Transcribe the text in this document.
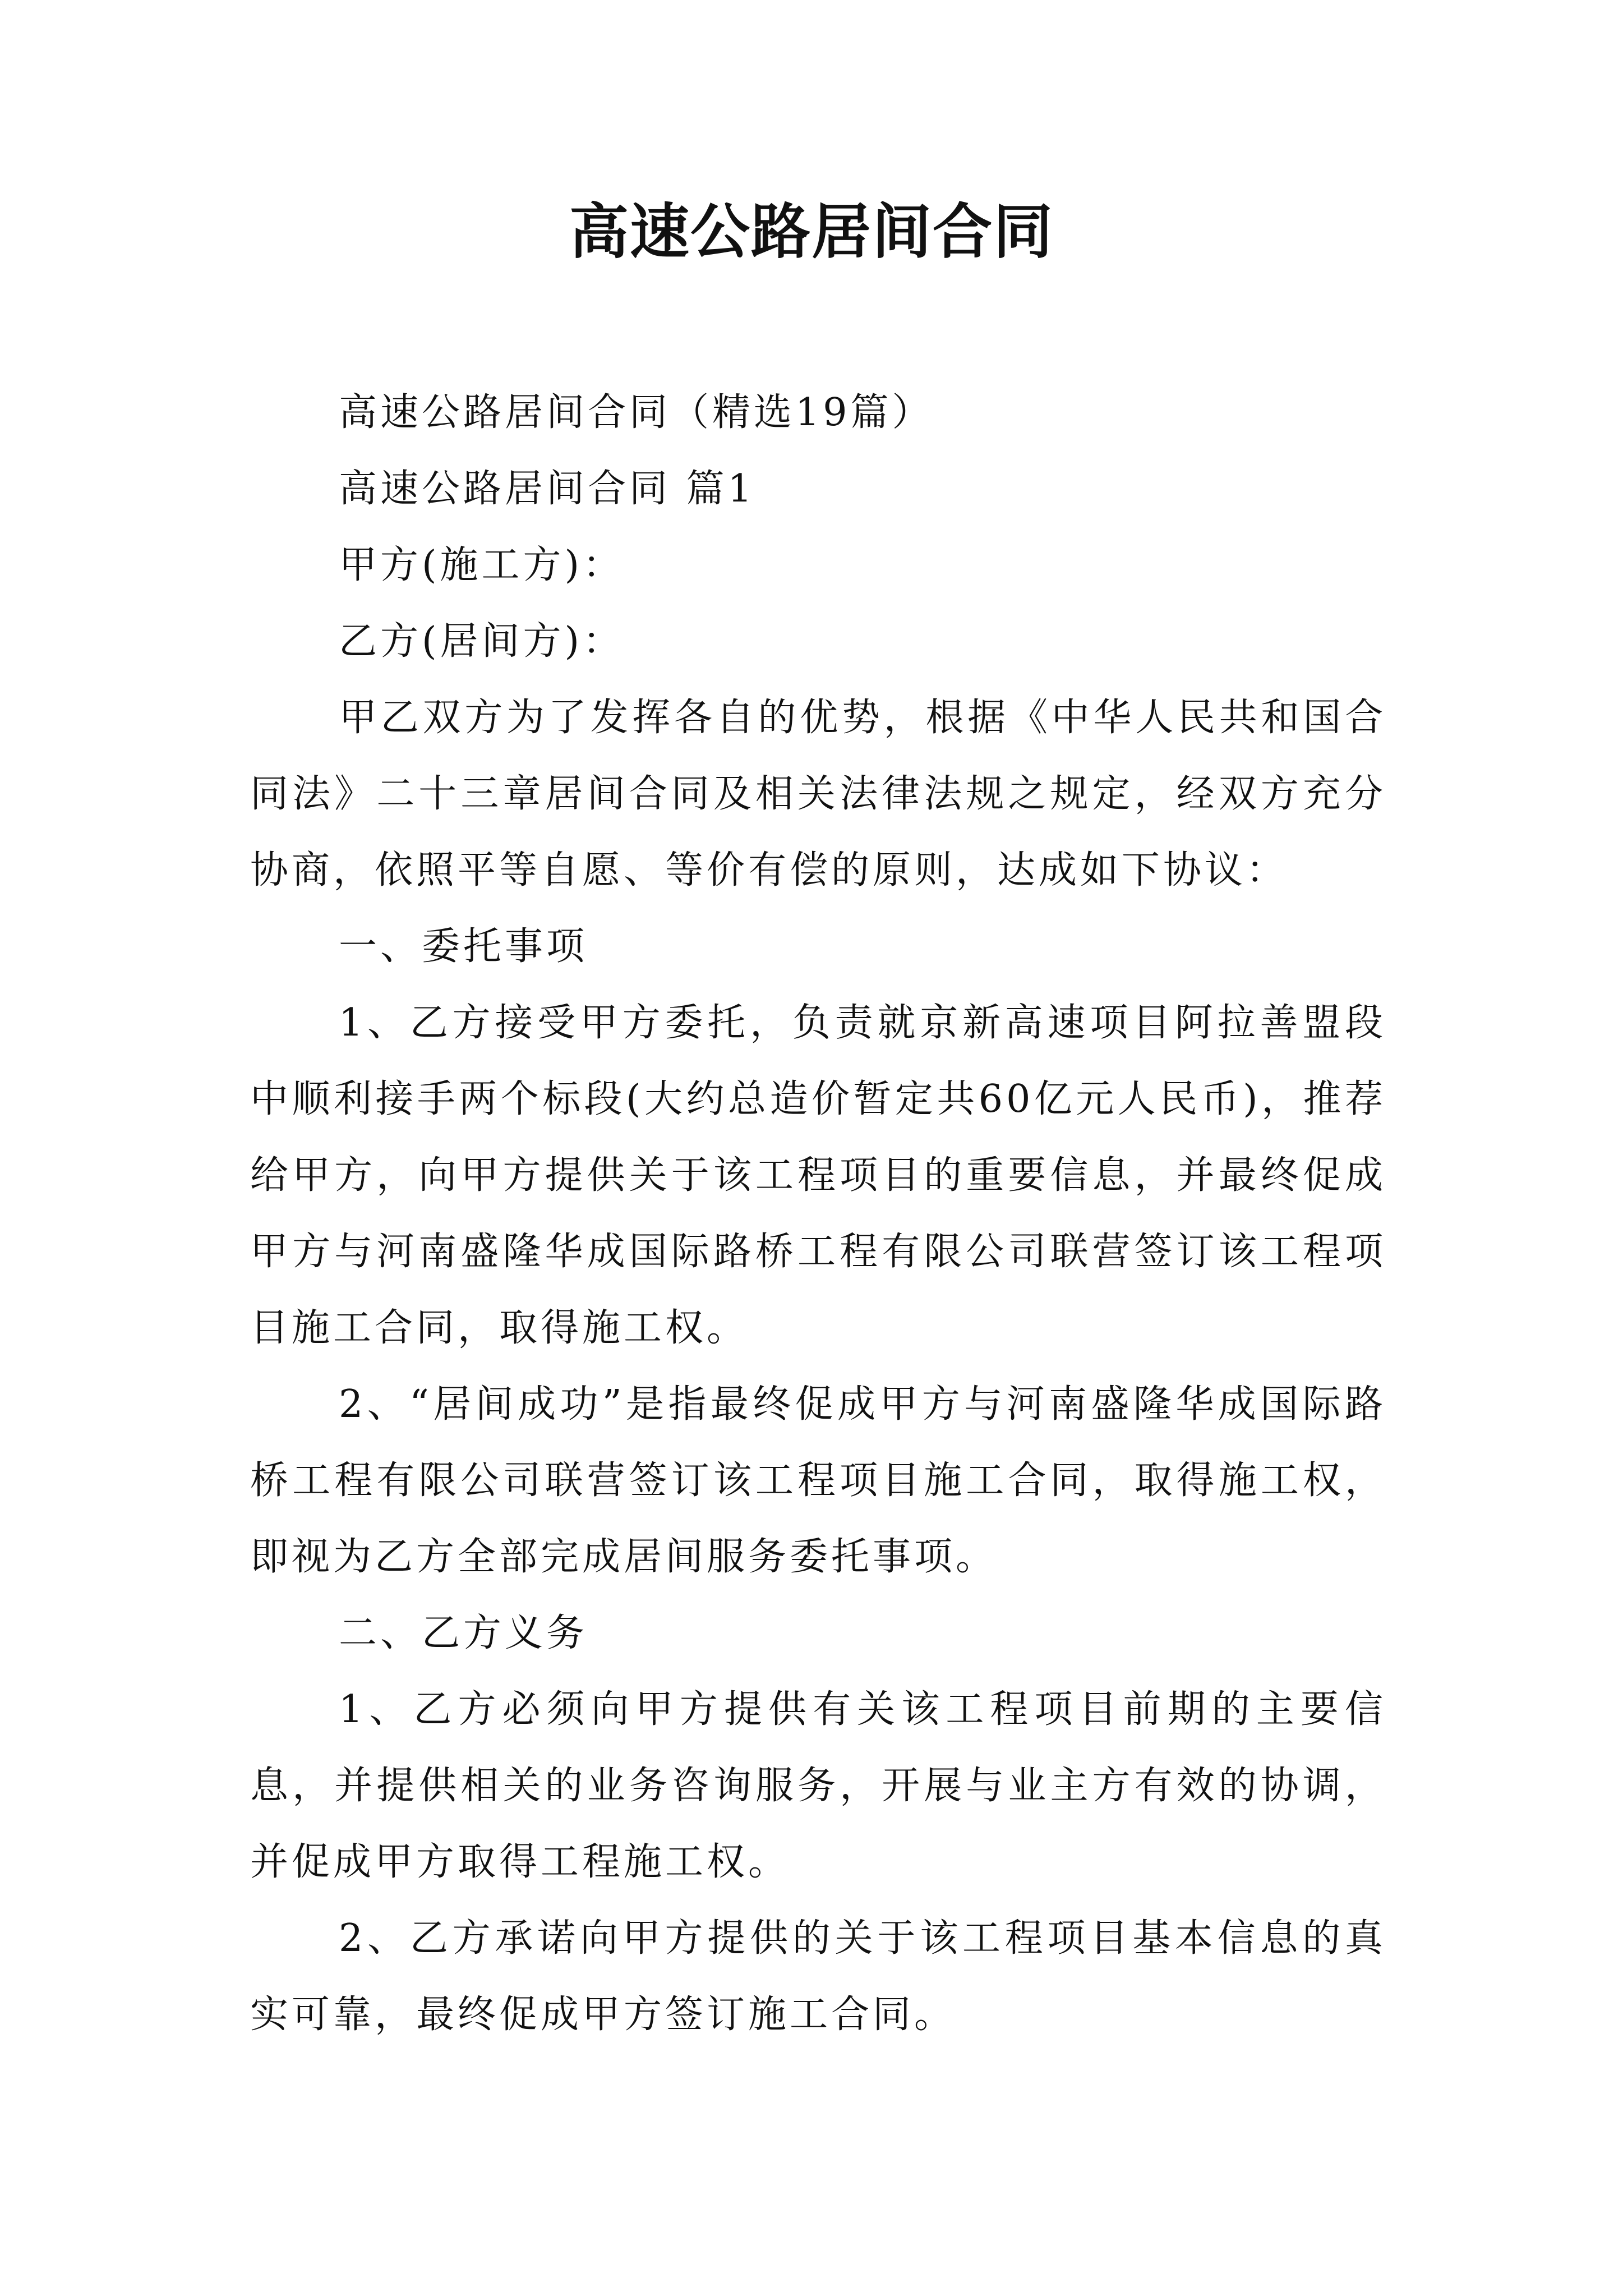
高速公路居间合同

高速公路居间合同（精选19篇）

高速公路居间合同 篇1

甲方(施工方)：

乙方(居间方)：

甲乙双方为了发挥各自的优势，根据《中华人民共和国合同法》二十三章居间合同及相关法律法规之规定，经双方充分协商，依照平等自愿、等价有偿的原则，达成如下协议：

一、委托事项

1、乙方接受甲方委托，负责就京新高速项目阿拉善盟段中顺利接手两个标段(大约总造价暂定共60亿元人民币)，推荐给甲方，向甲方提供关于该工程项目的重要信息，并最终促成甲方与河南盛隆华成国际路桥工程有限公司联营签订该工程项目施工合同，取得施工权。

2、“居间成功”是指最终促成甲方与河南盛隆华成国际路桥工程有限公司联营签订该工程项目施工合同，取得施工权，即视为乙方全部完成居间服务委托事项。

二、乙方义务

1、乙方必须向甲方提供有关该工程项目前期的主要信息，并提供相关的业务咨询服务，开展与业主方有效的协调，并促成甲方取得工程施工权。

2、乙方承诺向甲方提供的关于该工程项目基本信息的真实可靠，最终促成甲方签订施工合同。
